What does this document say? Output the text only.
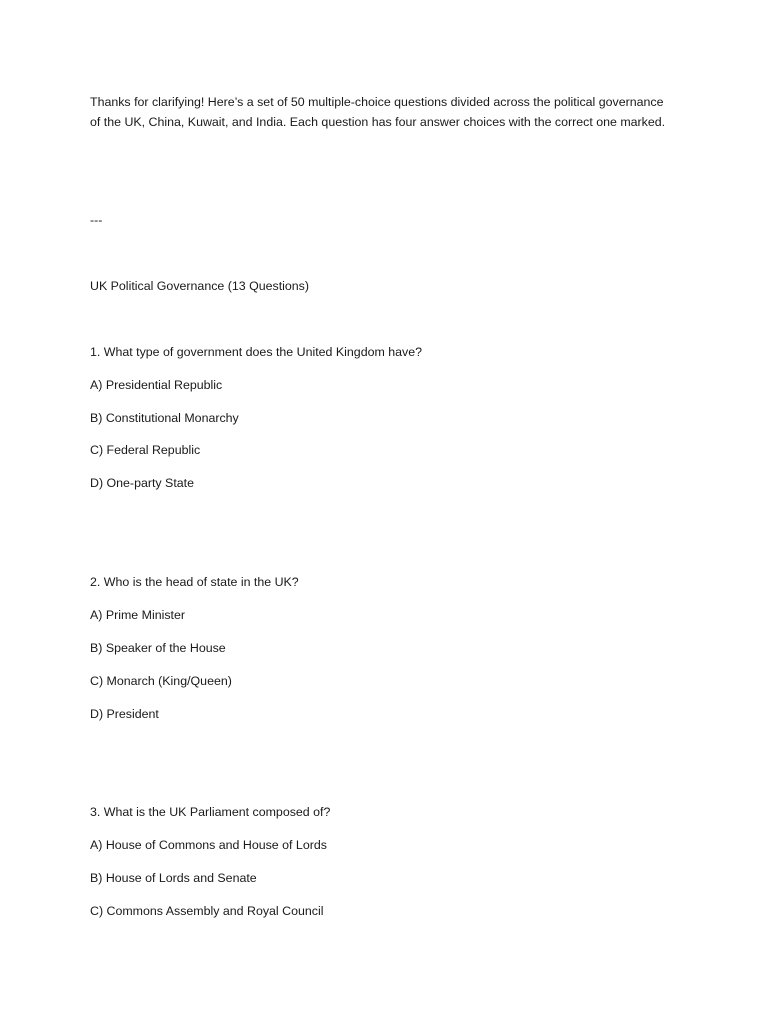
Thanks for clarifying! Here’s a set of 50 multiple-choice questions divided across the political governance
of the UK, China, Kuwait, and India. Each question has four answer choices with the correct one marked.
---
UK Political Governance (13 Questions)
1. What type of government does the United Kingdom have?
A) Presidential Republic
B) Constitutional Monarchy
C) Federal Republic
D) One-party State
2. Who is the head of state in the UK?
A) Prime Minister
B) Speaker of the House
C) Monarch (King/Queen)
D) President
3. What is the UK Parliament composed of?
A) House of Commons and House of Lords
B) House of Lords and Senate
C) Commons Assembly and Royal Council
